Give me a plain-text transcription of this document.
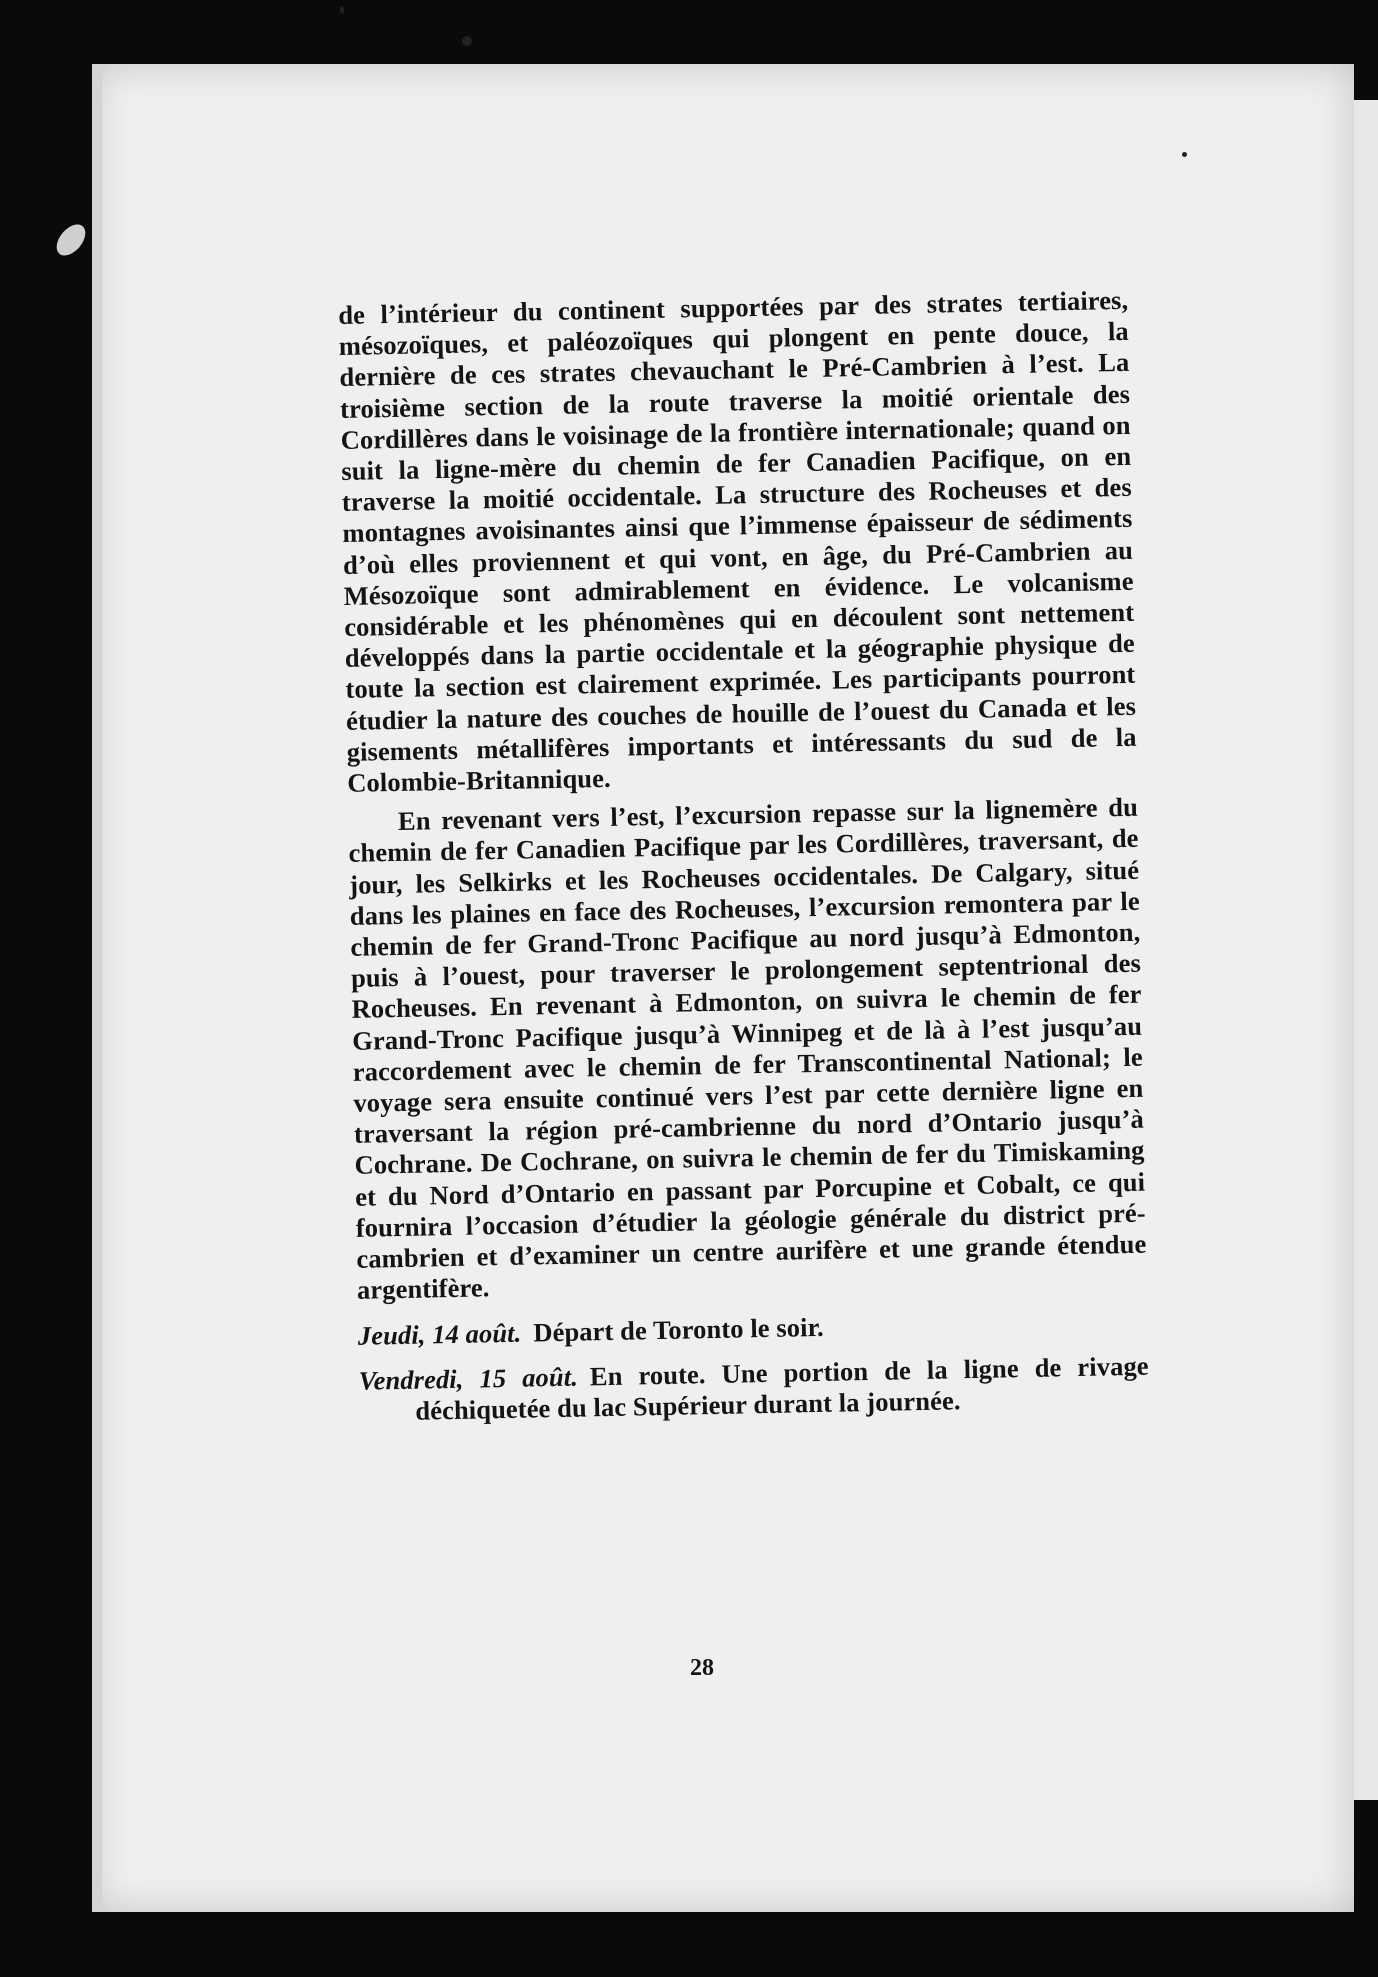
de l’intérieur du continent supportées par des strates tertiaires, mésozoïques, et paléozoïques qui plongent en pente douce, la dernière de ces strates chevauchant le Pré-Cambrien à l’est. La troisième section de la route traverse la moitié orientale des Cordillères dans le voisinage de la frontière internationale; quand on suit la ligne-mère du chemin de fer Canadien Pacifique, on en traverse la moitié occidentale. La structure des Rocheuses et des montagnes avoisinantes ainsi que l’immense épaisseur de sédiments d’où elles proviennent et qui vont, en âge, du Pré-Cambrien au Mésozoïque sont admirablement en évidence. Le volcanisme considérable et les phénomènes qui en découlent sont nettement développés dans la partie occidentale et la géographie physique de toute la section est clairement exprimée. Les participants pourront étudier la nature des couches de houille de l’ouest du Canada et les gisements métallifères importants et intéressants du sud de la Colombie-Britannique.

En revenant vers l’est, l’excursion repasse sur la lignemère du chemin de fer Canadien Pacifique par les Cordillères, traversant, de jour, les Selkirks et les Rocheuses occidentales. De Calgary, situé dans les plaines en face des Rocheuses, l’excursion remontera par le chemin de fer Grand-Tronc Pacifique au nord jusqu’à Edmonton, puis à l’ouest, pour traverser le prolongement septentrional des Rocheuses. En revenant à Edmonton, on suivra le chemin de fer Grand-Tronc Pacifique jusqu’à Winnipeg et de là à l’est jusqu’au raccordement avec le chemin de fer Transcontinental National; le voyage sera ensuite continué vers l’est par cette dernière ligne en traversant la région pré-cambrienne du nord d’Ontario jusqu’à Cochrane. De Cochrane, on suivra le chemin de fer du Timiskaming et du Nord d’Ontario en passant par Porcupine et Cobalt, ce qui fournira l’occasion d’étudier la géologie générale du district pré-cambrien et d’examiner un centre aurifère et une grande étendue argentifère.

Jeudi, 14 août. Départ de Toronto le soir.
Vendredi, 15 août. En route. Une portion de la ligne de rivage déchiquetée du lac Supérieur durant la journée.
28
